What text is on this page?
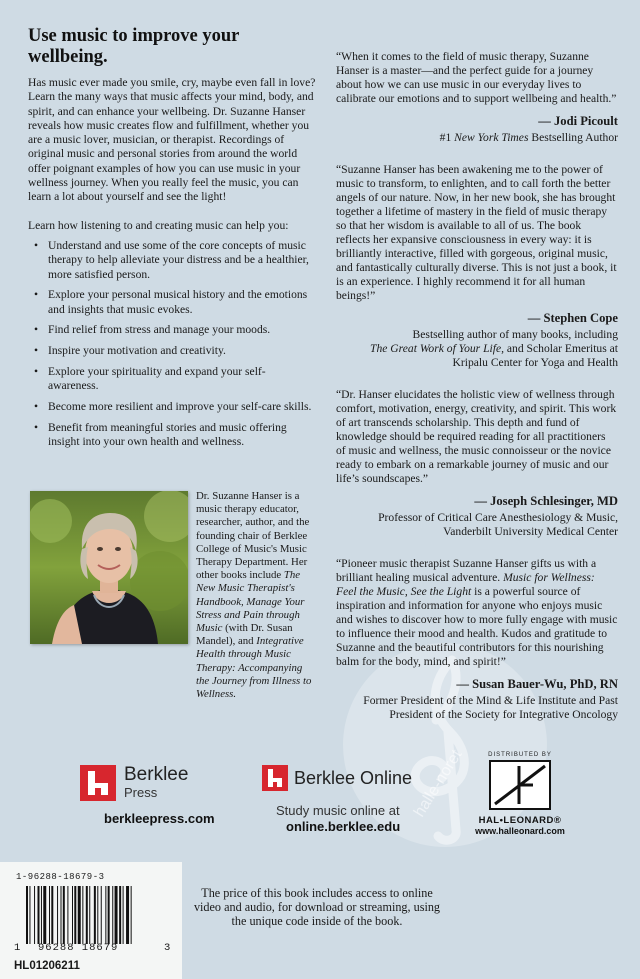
Use music to improve your wellbeing.

Has music ever made you smile, cry, maybe even fall in love? Learn the many ways that music affects your mind, body, and spirit, and can enhance your wellbeing. Dr. Suzanne Hanser reveals how music creates flow and fulfillment, whether you are a music lover, musician, or therapist. Recordings of original music and personal stories from around the world offer poignant examples of how you can use music in your wellness journey. When you really feel the music, you can learn a lot about yourself and see the light!

Learn how listening to and creating music can help you:

• Understand and use some of the core concepts of music therapy to help alleviate your distress and be a healthier, more satisfied person.
• Explore your personal musical history and the emotions and insights that music evokes.
• Find relief from stress and manage your moods.
• Inspire your motivation and creativity.
• Explore your spirituality and expand your self-awareness.
• Become more resilient and improve your self-care skills.
• Benefit from meaningful stories and music offering insight into your own health and wellness.
Dr. Suzanne Hanser is a music therapy educator, researcher, author, and the founding chair of Berklee College of Music's Music Therapy Department. Her other books include The New Music Therapist's Handbook, Manage Your Stress and Pain through Music (with Dr. Susan Mandel), and Integrative Health through Music Therapy: Accompanying the Journey from Illness to Wellness.
halle-noret

“When it comes to the field of music therapy, Suzanne Hanser is a master—and the perfect guide for a journey about how we can use music in our everyday lives to calibrate our emotions and to support wellbeing and health.”

— Jodi Picoult

#1 New York Times Bestselling Author

“Suzanne Hanser has been awakening me to the power of music to transform, to enlighten, and to call forth the better angels of our nature. Now, in her new book, she has brought together a lifetime of mastery in the field of music therapy so that her wisdom is available to all of us. The book reflects her expansive consciousness in every way: it is brilliantly interactive, filled with gorgeous, original music, and fantastically culturally diverse. This is not just a book, it is an experience. I highly recommend it for all human beings!”

— Stephen Cope

Bestselling author of many books, including
The Great Work of Your Life, and Scholar Emeritus at
Kripalu Center for Yoga and Health

“Dr. Hanser elucidates the holistic view of wellness through comfort, motivation, energy, creativity, and spirit. This work of art transcends scholarship. This depth and fund of knowledge should be required reading for all practitioners of music and wellness, the music connoisseur or the novice ready to embark on a remarkable journey of music and our life’s soundscapes.”

— Joseph Schlesinger, MD

Professor of Critical Care Anesthesiology & Music,
Vanderbilt University Medical Center

“Pioneer music therapist Suzanne Hanser gifts us with a brilliant healing musical adventure. Music for Wellness: Feel the Music, See the Light is a powerful source of inspiration and information for anyone who enjoys music and wishes to discover how to more fully engage with music to influence their mood and health. Kudos and gratitude to Suzanne and the beautiful contributors for this nourishing balm for the body, mind, and spirit!”

— Susan Bauer-Wu, PhD, RN

Former President of the Mind & Life Institute and Past
President of the Society for Integrative Oncology

Berklee
Press
berkleepress.com
Berklee Online
Study music online at
online.berklee.edu
DISTRIBUTED BY
HAL•LEONARD®
www.halleonard.com
1-96288-18679-3
1 96288 18679	3
HL01206211
The price of this book includes access to online video and audio, for download or streaming, using the unique code inside of the book.
